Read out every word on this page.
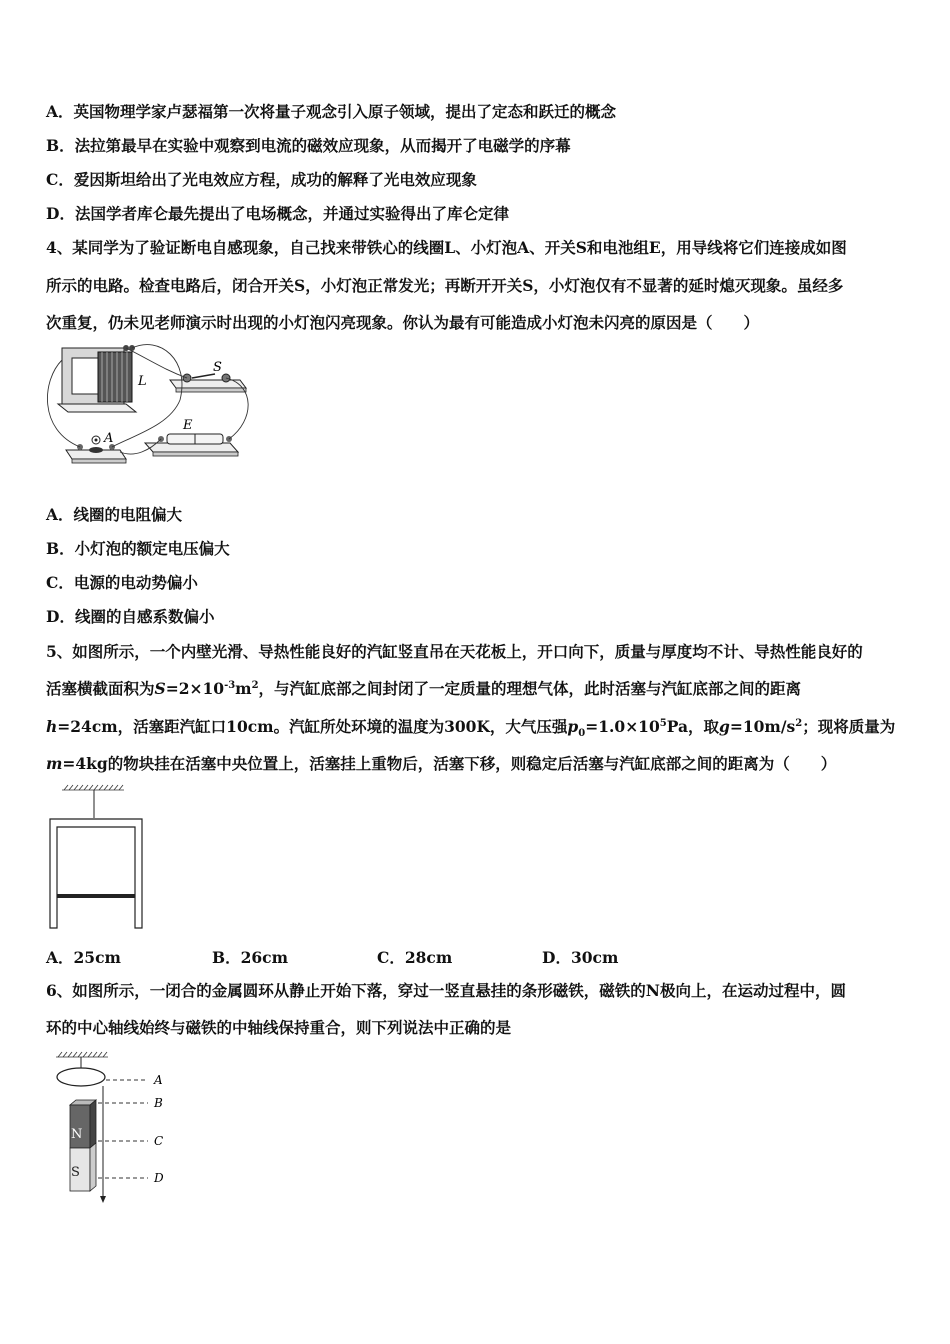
A．英国物理学家卢瑟福第一次将量子观念引入原子领域，提出了定态和跃迁的概念
B．法拉第最早在实验中观察到电流的磁效应现象，从而揭开了电磁学的序幕
C．爱因斯坦给出了光电效应方程，成功的解释了光电效应现象
D．法国学者库仑最先提出了电场概念，并通过实验得出了库仑定律
4、某同学为了验证断电自感现象，自己找来带铁心的线圈L、小灯泡A、开关S和电池组E，用导线将它们连接成如图
所示的电路。检查电路后，闭合开关S，小灯泡正常发光；再断开开关S，小灯泡仅有不显著的延时熄灭现象。虽经多
次重复，仍未见老师演示时出现的小灯泡闪亮现象。你认为最有可能造成小灯泡未闪亮的原因是（　　）
L
S
E
A
A．线圈的电阻偏大
B．小灯泡的额定电压偏大
C．电源的电动势偏小
D．线圈的自感系数偏小
5、如图所示，一个内壁光滑、导热性能良好的汽缸竖直吊在天花板上，开口向下，质量与厚度均不计、导热性能良好的
活塞横截面积为$S=2\times 10^{-3}m^2$，与汽缸底部之间封闭了一定质量的理想气体，此时活塞与汽缸底部之间的距离
h=24cm，活塞距汽缸口10cm。汽缸所处环境的温度为300K，大气压强$p_0=1.0\times 10^5Pa$，取$g=10m/s^2$；现将质量为
m=4kg的物块挂在活塞中央位置上，活塞挂上重物后，活塞下移，则稳定后活塞与汽缸底部之间的距离为（　　）
A．25cm	B．26cm	C．28cm	D．30cm
6、如图所示，一闭合的金属圆环从静止开始下落，穿过一竖直悬挂的条形磁铁，磁铁的N极向上，在运动过程中，圆
环的中心轴线始终与磁铁的中轴线保持重合，则下列说法中正确的是
N
S
A
B
C
D
